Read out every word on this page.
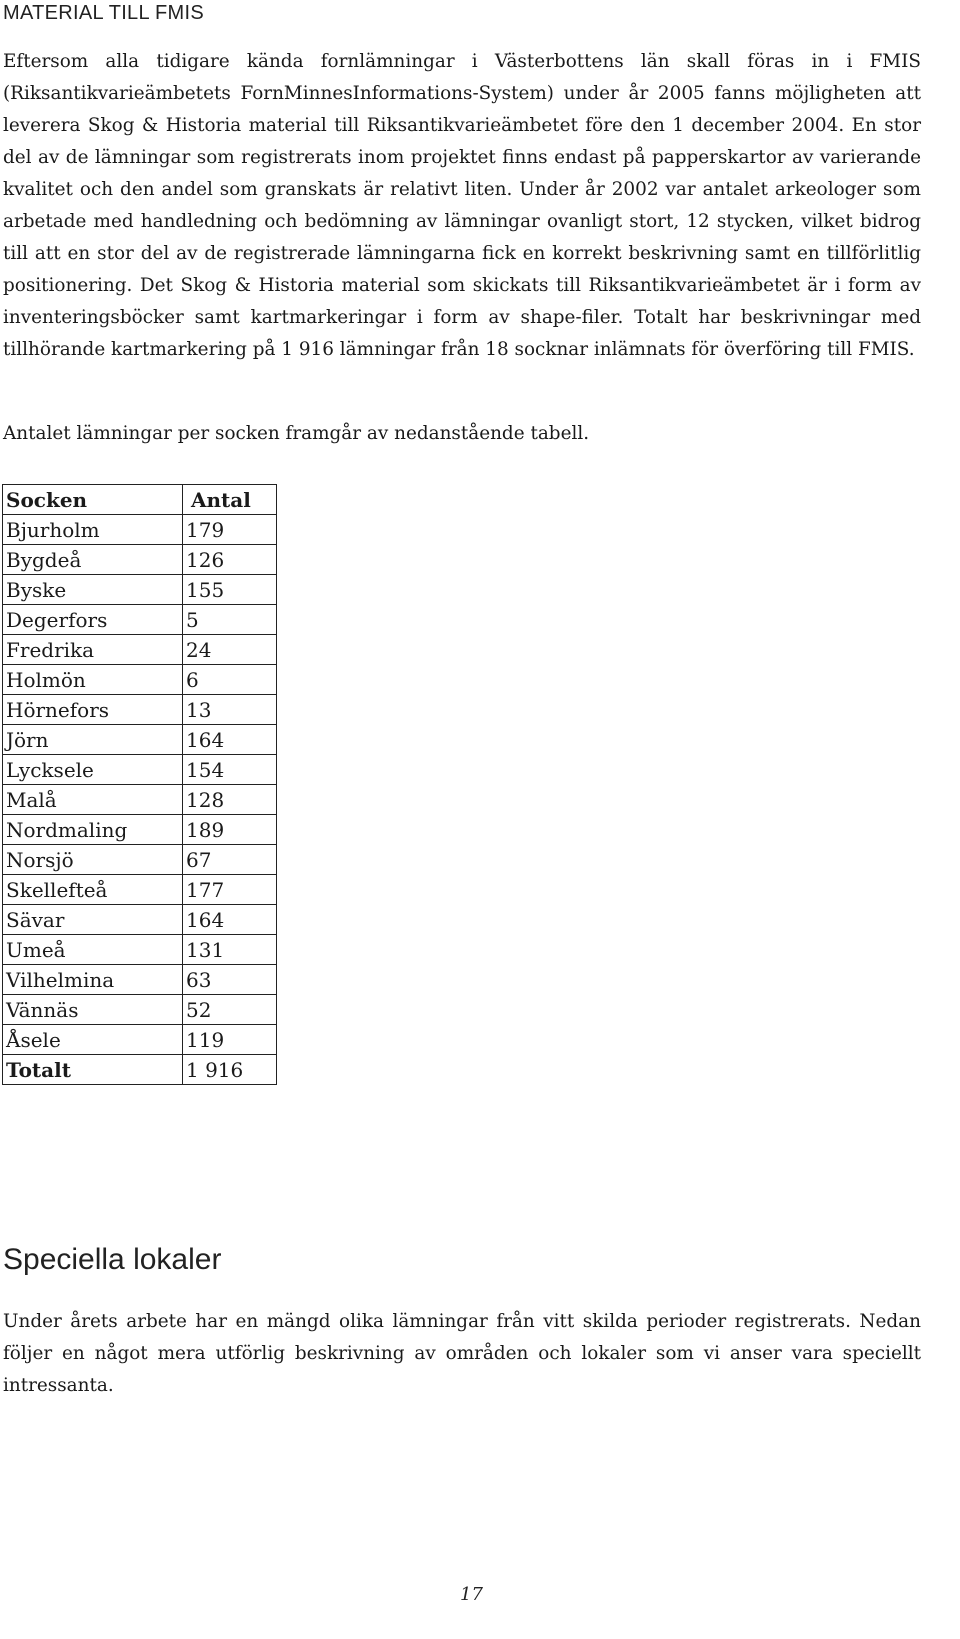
MATERIAL TILL FMIS

Eftersom alla tidigare kända fornlämningar i Västerbottens län skall föras in i FMIS (Riksantikvarieämbetets FornMinnesInformations-System) under år 2005 fanns möjligheten att leverera Skog & Historia material till Riksantikvarieämbetet före den 1 december 2004. En stor del av de lämningar som registrerats inom projektet finns endast på papperskartor av varierande kvalitet och den andel som granskats är relativt liten. Under år 2002 var antalet arkeologer som arbetade med handledning och bedömning av lämningar ovanligt stort, 12 stycken, vilket bidrog till att en stor del av de registrerade lämningarna fick en korrekt beskrivning samt en tillförlitlig positionering. Det Skog & Historia material som skickats till Riksantikvarieämbetet är i form av inventeringsböcker samt kartmarkeringar i form av shape-filer. Totalt har beskrivningar med tillhörande kartmarkering på 1 916 lämningar från 18 socknar inlämnats för överföring till FMIS.

Antalet lämningar per socken framgår av nedanstående tabell.

Socken	Antal
Bjurholm	179
Bygdeå	126
Byske	155
Degerfors	5
Fredrika	24
Holmön	6
Hörnefors	13
Jörn	164
Lycksele	154
Malå	128
Nordmaling	189
Norsjö	67
Skellefteå	177
Sävar	164
Umeå	131
Vilhelmina	63
Vännäs	52
Åsele	119
Totalt	1 916
Speciella lokaler

Under årets arbete har en mängd olika lämningar från vitt skilda perioder registrerats. Nedan följer en något mera utförlig beskrivning av områden och lokaler som vi anser vara speciellt intressanta.

17
